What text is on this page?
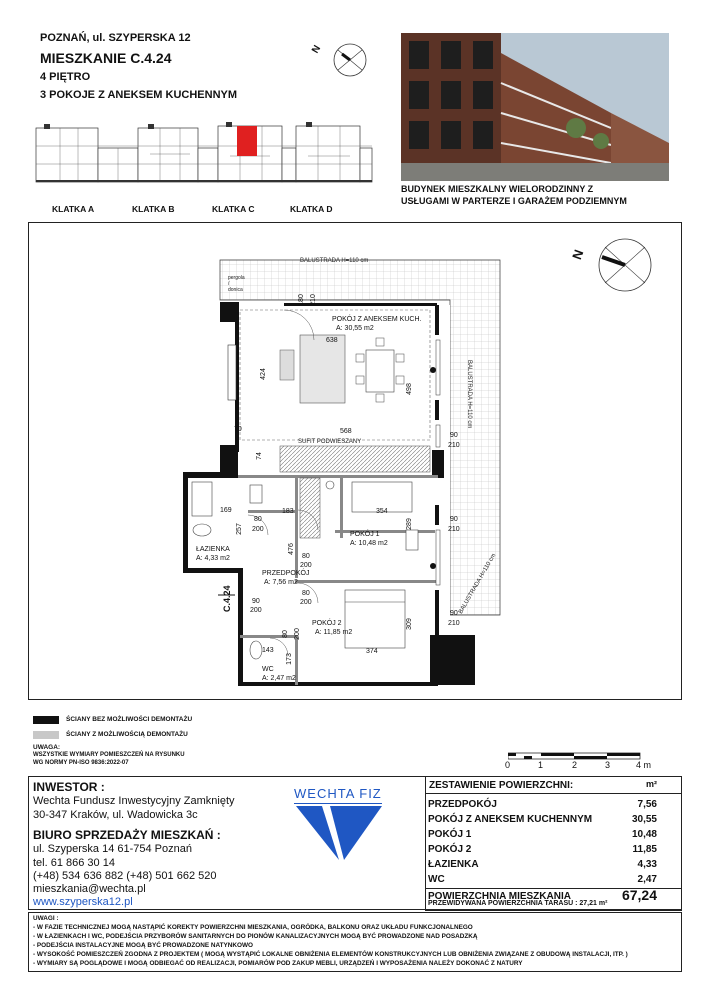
POZNAŃ, ul. SZYPERSKA 12
MIESZKANIE C.4.24
4 PIĘTRO
3 POKOJE Z ANEKSEM KUCHENNYM
N
KLATKA A	KLATKA B	KLATKA C	KLATKA D
BUDYNEK MIESZKALNY WIELORODZINNY Z
USŁUGAMI W PARTERZE I GARAŻEM PODZIEMNYM
N
BALUSTRADA H=110 cm
BALUSTRADA H=110 cm
BALUSTRADA H=110 cm
pergola / donica
SUFIT PODWIESZANY
POKÓJ Z ANEKSEM KUCH.
A: 30,55 m2
POKÓJ 1
A: 10,48 m2
POKÓJ 2
A: 11,85 m2
PRZEDPOKÓJ
A: 7,56 m2
ŁAZIENKA
A: 4,33 m2
WC
A: 2,47 m2
C.4.24
638
568
424
498
70
74
354
289
169	183
257
476
374
309
143
173
180 210
90
210
90
210
90
210
80
200
80
200
80
200
90
200
80 200
ŚCIANY BEZ MOŻLIWOŚCI DEMONTAŻU
ŚCIANY Z MOŻLIWOŚCIĄ DEMONTAŻU
UWAGA:
WSZYSTKIE WYMIARY POMIESZCZEŃ NA RYSUNKU
WG NORMY PN-ISO 9836:2022-07	0	1	2	3	4 m
INWESTOR :
Wechta Fundusz Inwestycyjny Zamknięty
30-347 Kraków, ul. Wadowicka 3c
BIURO SPRZEDAŻY MIESZKAŃ :
ul. Szyperska 14 61-754 Poznań
tel. 61 866 30 14
(+48) 534 636 882 (+48) 501 662 520
mieszkania@wechta.pl
www.szyperska12.pl
WECHTA FIZ
ZESTAWIENIE POWIERZCHNI:	m²
PRZEDPOKÓJ	7,56
POKÓJ Z ANEKSEM KUCHENNYM	30,55
POKÓJ 1	10,48
POKÓJ 2	11,85
ŁAZIENKA	4,33
WC	2,47
POWIERZCHNIA MIESZKANIA	67,24
PRZEWIDYWANA POWIERZCHNIA TARASU : 27,21 m²
UWAGI :
- W FAZIE TECHNICZNEJ MOGĄ NASTĄPIĆ KOREKTY POWIERZCHNI MIESZKANIA, OGRÓDKA, BALKONU ORAZ UKŁADU FUNKCJONALNEGO
- W ŁAZIENKACH I WC, PODEJŚCIA PRZYBORÓW SANITARNYCH DO PIONÓW KANALIZACYJNYCH MOGĄ BYĆ PROWADZONE NAD POSADZKĄ
- PODEJŚCIA INSTALACYJNE MOGĄ BYĆ PROWADZONE NATYNKOWO
- WYSOKOŚĆ POMIESZCZEŃ ZGODNA Z PROJEKTEM ( MOGĄ WYSTĄPIĆ LOKALNE OBNIŻENIA ELEMENTÓW KONSTRUKCYJNYCH LUB OBNIŻENIA ZWIĄZANE Z OBUDOWĄ INSTALACJI, ITP. )
- WYMIARY SĄ POGLĄDOWE I MOGĄ ODBIEGAĆ OD REALIZACJI, POMIARÓW POD ZAKUP MEBLI, URZĄDZEŃ I WYPOSAŻENIA NALEŻY DOKONAĆ Z NATURY
